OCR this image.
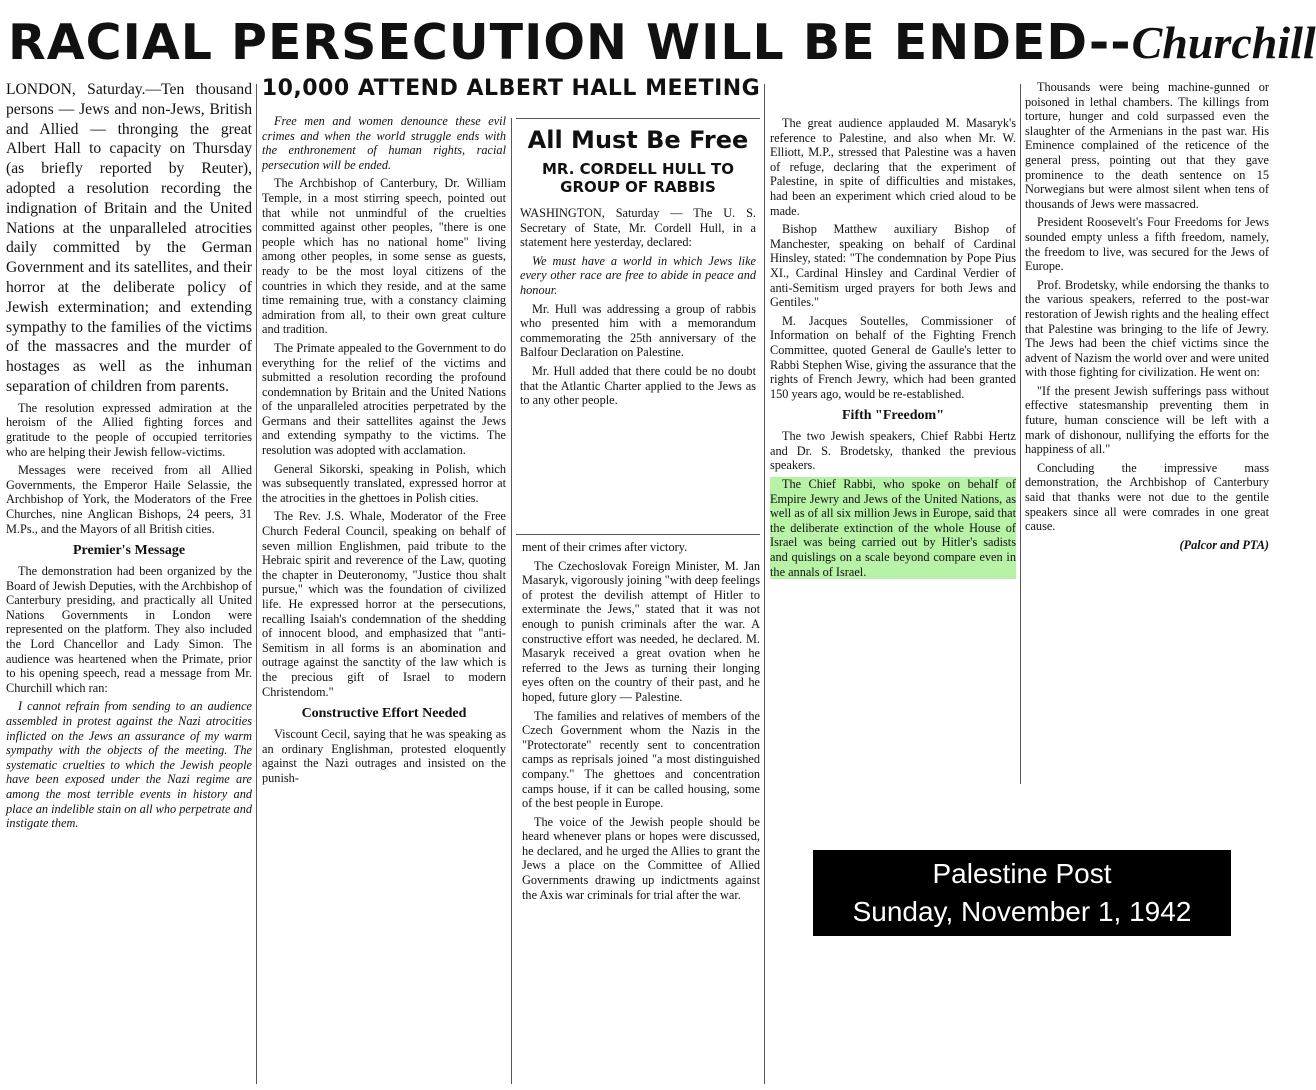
RACIAL PERSECUTION WILL BE ENDED--Churchill
10,000 ATTEND ALBERT HALL MEETING

LONDON, Saturday.—Ten thousand persons — Jews and non-Jews, British and Allied — thronging the great Albert Hall to capacity on Thursday (as briefly reported by Reuter), adopted a resolution recording the indignation of Britain and the United Nations at the unparalleled atrocities daily committed by the German Government and its satellites, and their horror at the deliberate policy of Jewish extermination; and extending sympathy to the families of the victims of the massacres and the murder of hostages as well as the inhuman separation of children from parents.

The resolution expressed admiration at the heroism of the Allied fighting forces and gratitude to the people of occupied territories who are helping their Jewish fellow-victims.

Messages were received from all Allied Governments, the Emperor Haile Selassie, the Archbishop of York, the Moderators of the Free Churches, nine Anglican Bishops, 24 peers, 31 M.Ps., and the Mayors of all British cities.

Premier's Message

The demonstration had been organized by the Board of Jewish Deputies, with the Archbishop of Canterbury presiding, and practically all United Nations Governments in London were represented on the platform. They also included the Lord Chancellor and Lady Simon. The audience was heartened when the Primate, prior to his opening speech, read a message from Mr. Churchill which ran:

I cannot refrain from sending to an audience assembled in protest against the Nazi atrocities inflicted on the Jews an assurance of my warm sympathy with the objects of the meeting. The systematic cruelties to which the Jewish people have been exposed under the Nazi regime are among the most terrible events in history and place an indelible stain on all who perpetrate and instigate them.

Free men and women denounce these evil crimes and when the world struggle ends with the enthronement of human rights, racial persecution will be ended.

The Archbishop of Canterbury, Dr. William Temple, in a most stirring speech, pointed out that while not unmindful of the cruelties committed against other peoples, "there is one people which has no national home" living among other peoples, in some sense as guests, ready to be the most loyal citizens of the countries in which they reside, and at the same time remaining true, with a constancy claiming admiration from all, to their own great culture and tradition.

The Primate appealed to the Government to do everything for the relief of the victims and submitted a resolution recording the profound condemnation by Britain and the United Nations of the unparalleled atrocities perpetrated by the Germans and their sattellites against the Jews and extending sympathy to the victims. The resolution was adopted with acclamation.

General Sikorski, speaking in Polish, which was subsequently translated, expressed horror at the atrocities in the ghettoes in Polish cities.

The Rev. J.S. Whale, Moderator of the Free Church Federal Council, speaking on behalf of seven million Englishmen, paid tribute to the Hebraic spirit and reverence of the Law, quoting the chapter in Deuteronomy, "Justice thou shalt pursue," which was the foundation of civilized life. He expressed horror at the persecutions, recalling Isaiah's condemnation of the shedding of innocent blood, and emphasized that "anti-Semitism in all forms is an abomination and outrage against the sanctity of the law which is the precious gift of Israel to modern Christendom."

Constructive Effort Needed

Viscount Cecil, saying that he was speaking as an ordinary Englishman, protested eloquently against the Nazi outrages and insisted on the punish-

All Must Be Free
MR. CORDELL HULL TO GROUP OF RABBIS

WASHINGTON, Saturday — The U. S. Secretary of State, Mr. Cordell Hull, in a statement here yesterday, declared:

We must have a world in which Jews like every other race are free to abide in peace and honour.

Mr. Hull was addressing a group of rabbis who presented him with a memorandum commemorating the 25th anniversary of the Balfour Declaration on Palestine.

Mr. Hull added that there could be no doubt that the Atlantic Charter applied to the Jews as to any other people.

ment of their crimes after victory.

The Czechoslovak Foreign Minister, M. Jan Masaryk, vigorously joining "with deep feelings of protest the devilish attempt of Hitler to exterminate the Jews," stated that it was not enough to punish criminals after the war. A constructive effort was needed, he declared. M. Masaryk received a great ovation when he referred to the Jews as turning their longing eyes often on the country of their past, and he hoped, future glory — Palestine.

The families and relatives of members of the Czech Government whom the Nazis in the "Protectorate" recently sent to concentration camps as reprisals joined "a most distinguished company." The ghettoes and concentration camps house, if it can be called housing, some of the best people in Europe.

The voice of the Jewish people should be heard whenever plans or hopes were discussed, he declared, and he urged the Allies to grant the Jews a place on the Committee of Allied Governments drawing up indictments against the Axis war criminals for trial after the war.

The great audience applauded M. Masaryk's reference to Palestine, and also when Mr. W. Elliott, M.P., stressed that Palestine was a haven of refuge, declaring that the experiment of Palestine, in spite of difficulties and mistakes, had been an experiment which cried aloud to be made.

Bishop Matthew auxiliary Bishop of Manchester, speaking on behalf of Cardinal Hinsley, stated: "The condemnation by Pope Pius XI., Cardinal Hinsley and Cardinal Verdier of anti-Semitism urged prayers for both Jews and Gentiles."

M. Jacques Soutelles, Commissioner of Information on behalf of the Fighting French Committee, quoted General de Gaulle's letter to Rabbi Stephen Wise, giving the assurance that the rights of French Jewry, which had been granted 150 years ago, would be re-established.

Fifth "Freedom"

The two Jewish speakers, Chief Rabbi Hertz and Dr. S. Brodetsky, thanked the previous speakers.

The Chief Rabbi, who spoke on behalf of Empire Jewry and Jews of the United Nations, as well as of all six million Jews in Europe, said that the deliberate extinction of the whole House of Israel was being carried out by Hitler's sadists and quislings on a scale beyond compare even in the annals of Israel.

Thousands were being machine-gunned or poisoned in lethal chambers. The killings from torture, hunger and cold surpassed even the slaughter of the Armenians in the past war. His Eminence complained of the reticence of the general press, pointing out that they gave prominence to the death sentence on 15 Norwegians but were almost silent when tens of thousands of Jews were massacred.

President Roosevelt's Four Freedoms for Jews sounded empty unless a fifth freedom, namely, the freedom to live, was secured for the Jews of Europe.

Prof. Brodetsky, while endorsing the thanks to the various speakers, referred to the post-war restoration of Jewish rights and the healing effect that Palestine was bringing to the life of Jewry. The Jews had been the chief victims since the advent of Nazism the world over and were united with those fighting for civilization. He went on:

"If the present Jewish sufferings pass without effective statesmanship preventing them in future, human conscience will be left with a mark of dishonour, nullifying the efforts for the happiness of all."

Concluding the impressive mass demonstration, the Archbishop of Canterbury said that thanks were not due to the gentile speakers since all were comrades in one great cause.

(Palcor and PTA)
Palestine Post
Sunday, November 1, 1942
